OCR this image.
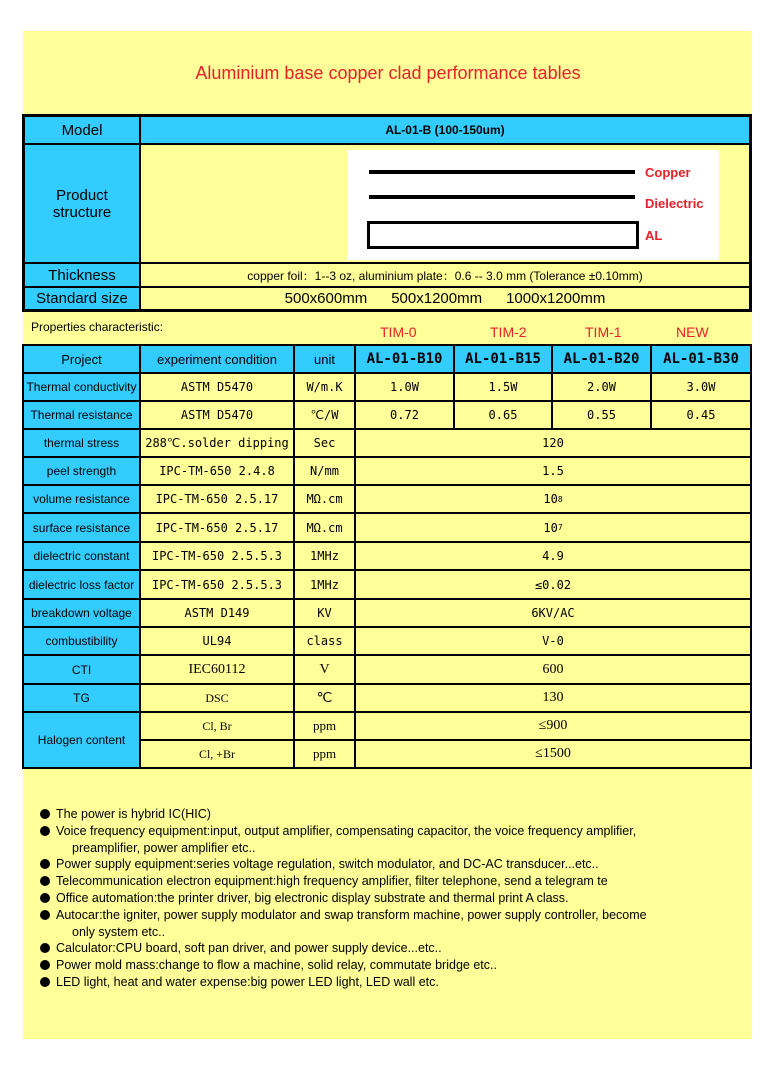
Aluminium base copper clad performance tables
Model	AL-01-B (100-150um)
Product structure
Copper
Dielectric
AL
Thickness	copper foil：1--3 oz, aluminium plate：0.6 -- 3.0 mm (Tolerance ±0.10mm)
Standard size	500x600mm 500x1200mm 1000x1200mm
Properties characteristic:	TIM-0	TIM-2	TIM-1	NEW
Project	experiment condition	unit	AL-01-B10	AL-01-B15	AL-01-B20	AL-01-B30
Thermal conductivity	ASTM D5470	W/m.K	1.0W	1.5W	2.0W	3.0W
Thermal resistance	ASTM D5470	℃/W	0.72	0.65	0.55	0.45
thermal stress	288℃.solder dipping	Sec	120
peel strength	IPC-TM-650 2.4.8	N/mm	1.5
volume resistance	IPC-TM-650 2.5.17	MΩ.cm	10 8
surface resistance	IPC-TM-650 2.5.17	MΩ.cm	10 7
dielectric constant	IPC-TM-650 2.5.5.3	1MHz	4.9
dielectric loss factor	IPC-TM-650 2.5.5.3	1MHz	≤0.02
breakdown voltage	ASTM D149	KV	6KV/AC
combustibility	UL94	class	V-0
CTI	IEC60112	V	600
TG	DSC	℃	130
Halogen content
Cl, Br	ppm	≤900
Cl, +Br	ppm	≤1500
The power is hybrid IC(HIC)
Voice frequency equipment:input, output amplifier, compensating capacitor, the voice frequency amplifier,
preamplifier, power amplifier etc..
Power supply equipment:series voltage regulation, switch modulator, and DC-AC transducer...etc..
Telecommunication electron equipment:high frequency amplifier, filter telephone, send a telegram te
Office automation:the printer driver, big electronic display substrate and thermal print A class.
Autocar:the igniter, power supply modulator and swap transform machine, power supply controller, become
only system etc..
Calculator:CPU board, soft pan driver, and power supply device...etc..
Power mold mass:change to flow a machine, solid relay, commutate bridge etc..
LED light, heat and water expense:big power LED light, LED wall etc.
